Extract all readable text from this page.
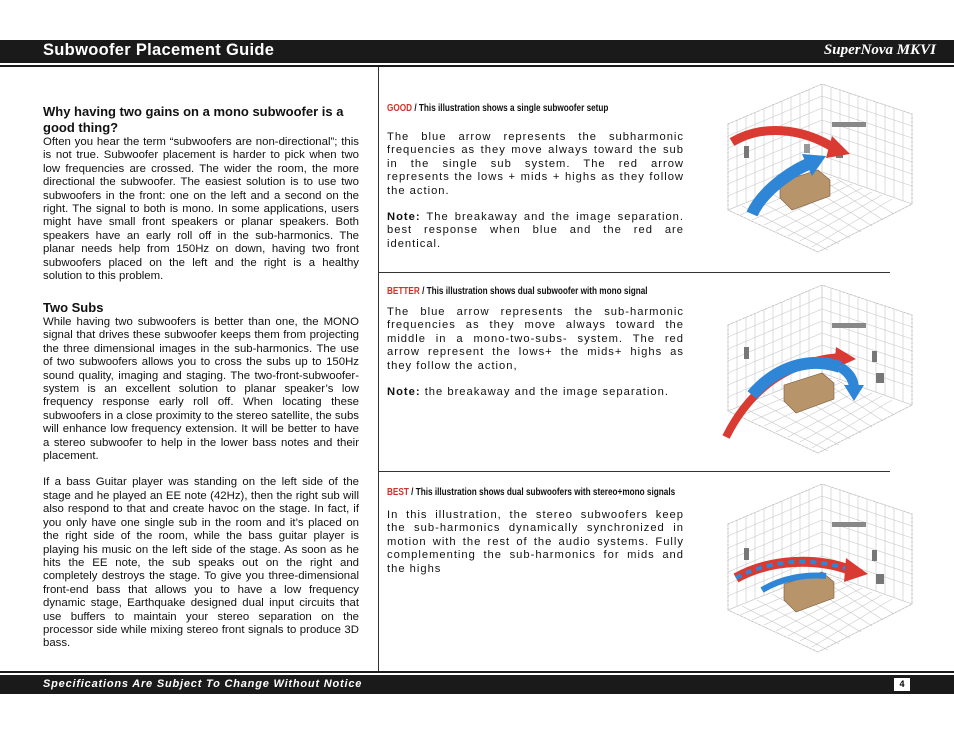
Subwoofer Placement Guide	SuperNova MKVI

Why having two gains on a mono subwoofer is a good thing?

Often you hear the term “subwoofers are non-directional”; this is not true. Subwoofer placement is harder to pick when two low frequencies are crossed. The wider the room, the more directional the subwoofer. The easiest solution is to use two subwoofers in the front: one on the left and a second on the right. The signal to both is mono. In some applications, users might have small front speakers or planar speakers. Both speakers have an early roll off in the sub-harmonics. The planar needs help from 150Hz on down, having two front subwoofers placed on the left and the right is a healthy solution to this problem.

Two Subs

While having two subwoofers is better than one, the MONO signal that drives these subwoofer keeps them from projecting the three dimensional images in the sub-harmonics. The use of two subwoofers allows you to cross the subs up to 150Hz sound quality, imaging and staging. The two-front-subwoofer-system is an excellent solution to planar speaker’s low frequency response early roll off. When locating these subwoofers in a close proximity to the stereo satellite, the subs will enhance low frequency extension. It will be better to have a stereo subwoofer to help in the lower bass notes and their placement.

If a bass Guitar player was standing on the left side of the stage and he played an EE note (42Hz), then the right sub will also respond to that and create havoc on the stage. In fact, if you only have one single sub in the room and it’s placed on the right side of the room, while the bass guitar player is playing his music on the left side of the stage. As soon as he hits the EE note, the sub speaks out on the right and completely destroys the stage. To give you three-dimensional front-end bass that allows you to have a low frequency dynamic stage, Earthquake designed dual input circuits that use buffers to maintain your stereo separation on the processor side while mixing stereo front signals to produce 3D bass.

GOOD / This illustration shows a single subwoofer setup

The blue arrow represents the subharmonic frequencies as they move always toward the sub in the single sub system. The red arrow represents the lows + mids + highs as they follow the action.

Note: The breakaway and the image separation. best response when blue and the red are identical.

BETTER / This illustration shows dual subwoofer with mono signal

The blue arrow represents the sub-harmonic frequencies as they move always toward the middle in a mono-two-subs- system. The red arrow represent the lows+ the mids+ highs as they follow the action,

Note: the breakaway and the image separation.

BEST / This illustration shows dual subwoofers with stereo+mono signals

In this illustration, the stereo subwoofers keep the sub-harmonics dynamically synchronized in motion with the rest of the audio systems. Fully complementing the sub-harmonics for mids and the highs

Specifications Are Subject To Change Without Notice	4
